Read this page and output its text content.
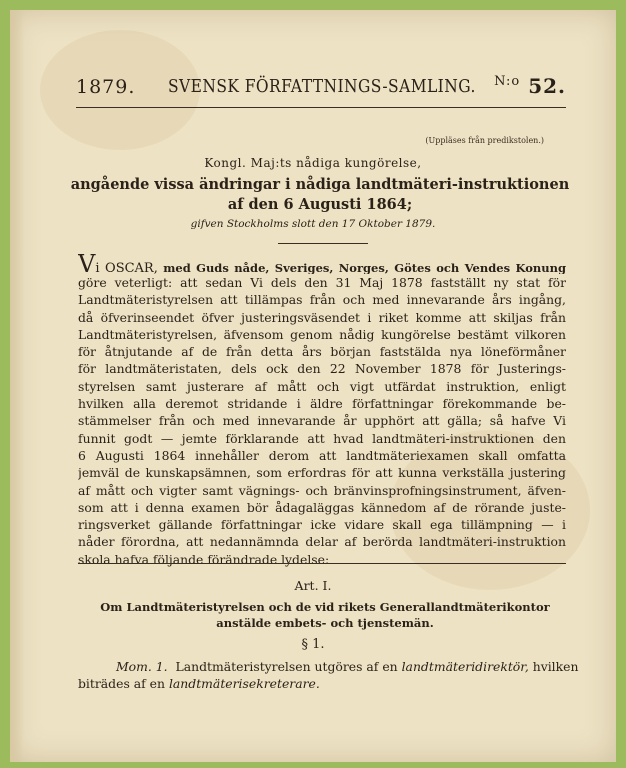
1879. SVENSK FÖRFATTNINGS-SAMLING. $^{N:o}$ 52.
(Uppläses från predikstolen.)
Kongl. Maj:ts nådiga kungörelse,
angående vissa ändringar i nådiga landtmäteri-instruktionen
af den 6 Augusti 1864;
gifven Stockholms slott den 17 Oktober 1879.
Vi OSCAR, med Guds nåde, Sveriges, Norges, Götes och Vendes Konung
göre veterligt: att sedan Vi dels den 31 Maj 1878 fastställt ny stat för
Landtmäteristyrelsen att tillämpas från och med innevarande års ingång,
då öfverinseendet öfver justeringsväsendet i riket komme att skiljas från
Landtmäteristyrelsen, äfvensom genom nådig kungörelse bestämt vilkoren
för åtnjutande af de från detta års början faststälda nya löneförmåner
för landtmäteristaten, dels ock den 22 November 1878 för Justerings-
styrelsen samt justerare af mått och vigt utfärdat instruktion, enligt
hvilken alla deremot stridande i äldre författningar förekommande be-
stämmelser från och med innevarande år upphört att gälla; så hafve Vi
funnit godt — jemte förklarande att hvad landtmäteri-instruktionen den
6 Augusti 1864 innehåller derom att landtmäteriexamen skall omfatta
jemväl de kunskapsämnen, som erfordras för att kunna verkställa justering
af mått och vigter samt vägnings- och bränvinsprofningsinstrument, äfven-
som att i denna examen bör ådagaläggas kännedom af de rörande juste-
ringsverket gällande författningar icke vidare skall ega tillämpning — i
nåder förordna, att nedannämnda delar af berörda landtmäteri-instruktion
skola hafva följande förändrade lydelse:
Art. I.
Om Landtmäteristyrelsen och de vid rikets Generallandtmäterikontor
anstälde embets- och tjenstemän.
§ 1.
Mom. 1. Landtmäteristyrelsen utgöres af en landtmäteridirektör, hvilken
biträdes af en landtmäterisekreterare.
